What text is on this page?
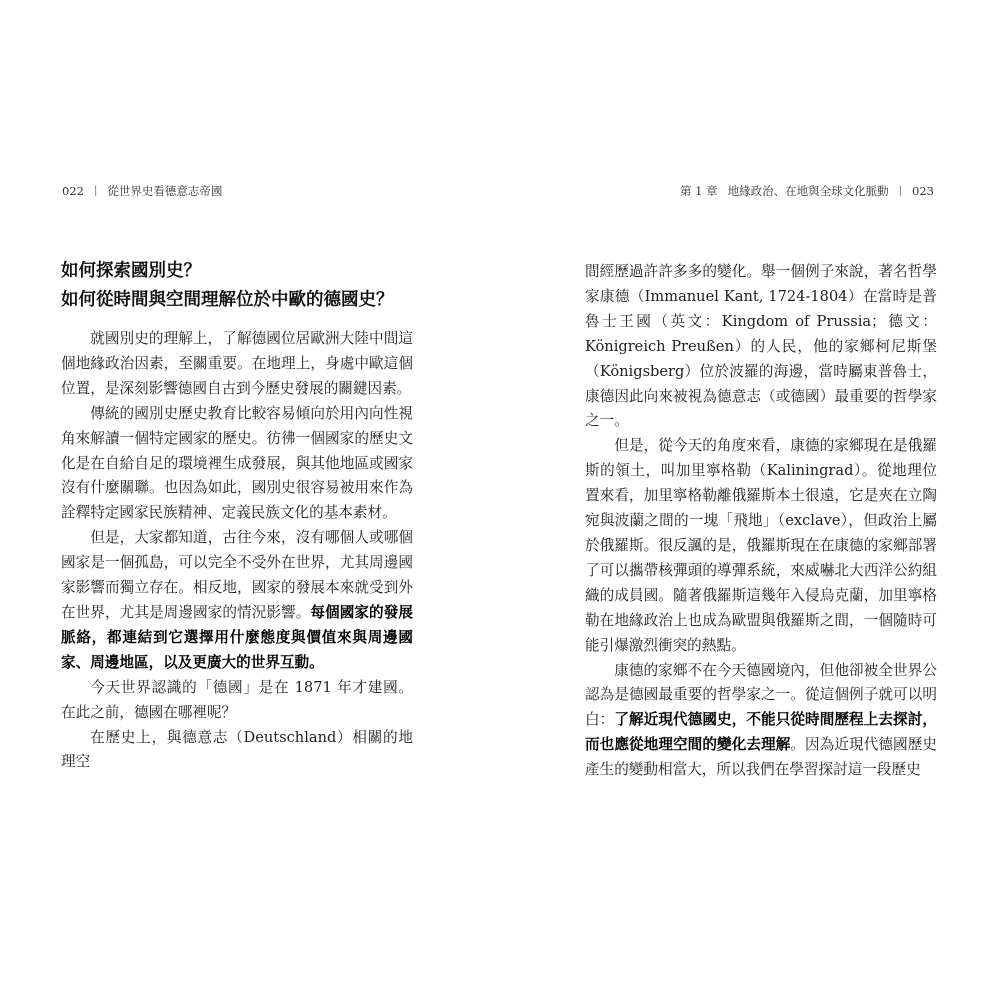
022 | 從世界史看德意志帝國	第 1 章 地緣政治、在地與全球文化脈動 | 023
如何探索國別史？
如何從時間與空間理解位於中歐的德國史？

就國別史的理解上，了解德國位居歐洲大陸中間這個地緣政治因素，至關重要。在地理上，身處中歐這個位置，是深刻影響德國自古到今歷史發展的關鍵因素。

傳統的國別史歷史教育比較容易傾向於用內向性視角來解讀一個特定國家的歷史。彷彿一個國家的歷史文化是在自給自足的環境裡生成發展，與其他地區或國家沒有什麼關聯。也因為如此，國別史很容易被用來作為詮釋特定國家民族精神、定義民族文化的基本素材。

但是，大家都知道，古往今來，沒有哪個人或哪個國家是一個孤島，可以完全不受外在世界，尤其周邊國家影響而獨立存在。相反地，國家的發展本來就受到外在世界，尤其是周邊國家的情況影響。每個國家的發展脈絡，都連結到它選擇用什麼態度與價值來與周邊國家、周邊地區，以及更廣大的世界互動。

今天世界認識的「德國」是在 1871 年才建國。在此之前，德國在哪裡呢？

在歷史上，與德意志（Deutschland）相關的地理空

間經歷過許許多多的變化。舉一個例子來說，著名哲學家康德（Immanuel Kant, 1724-1804）在當時是普魯士王國（英文：Kingdom of Prussia；德文：Königreich Preußen）的人民，他的家鄉柯尼斯堡（Königsberg）位於波羅的海邊，當時屬東普魯士，康德因此向來被視為德意志（或德國）最重要的哲學家之一。

但是，從今天的角度來看，康德的家鄉現在是俄羅斯的領土，叫加里寧格勒（Kaliningrad）。從地理位置來看，加里寧格勒離俄羅斯本土很遠，它是夾在立陶宛與波蘭之間的一塊「飛地」（exclave），但政治上屬於俄羅斯。很反諷的是，俄羅斯現在在康德的家鄉部署了可以攜帶核彈頭的導彈系統，來威嚇北大西洋公約組織的成員國。隨著俄羅斯這幾年入侵烏克蘭，加里寧格勒在地緣政治上也成為歐盟與俄羅斯之間，一個隨時可能引爆激烈衝突的熱點。

康德的家鄉不在今天德國境內，但他卻被全世界公認為是德國最重要的哲學家之一。從這個例子就可以明白：了解近現代德國史，不能只從時間歷程上去探討，而也應從地理空間的變化去理解。因為近現代德國歷史產生的變動相當大，所以我們在學習探討這一段歷史
